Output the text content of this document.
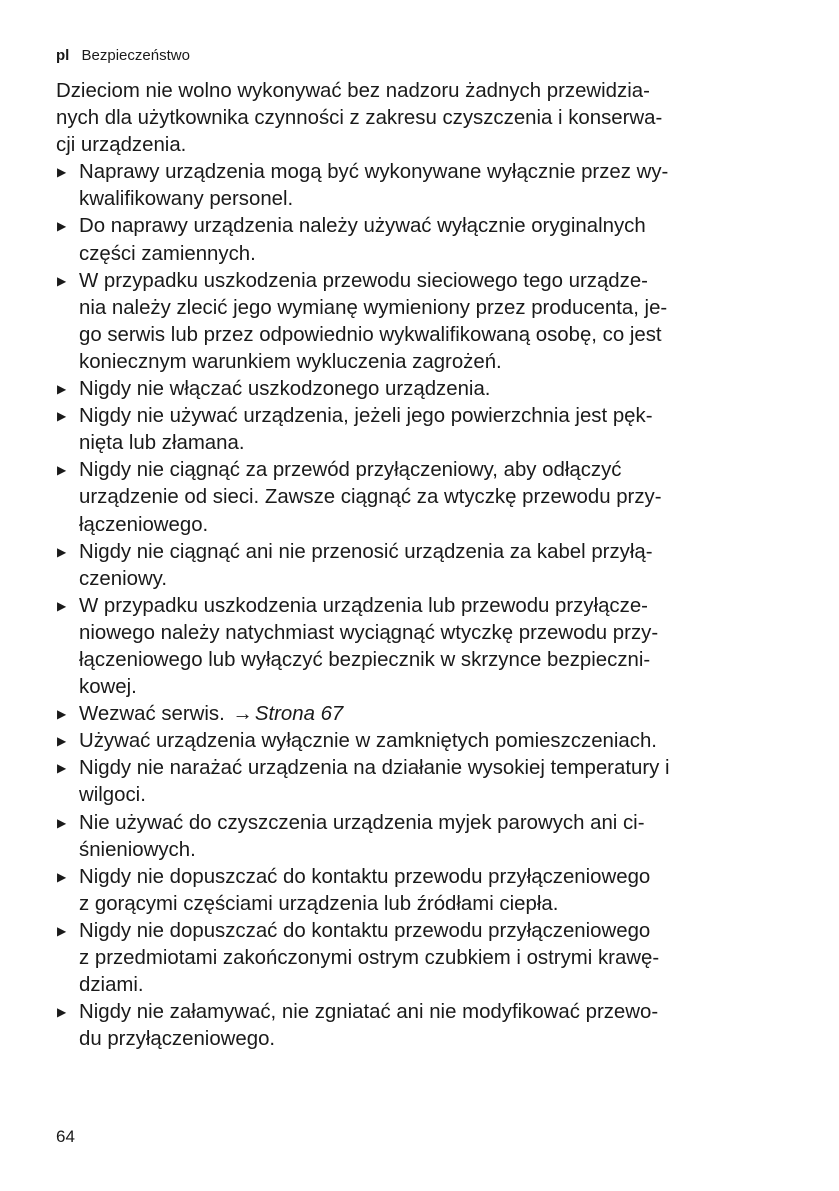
pl Bezpieczeństwo

Dzieciom nie wolno wykonywać bez nadzoru żadnych przewidzia-

nych dla użytkownika czynności z zakresu czyszczenia i konserwa-

cji urządzenia.

▶ Naprawy urządzenia mogą być wykonywane wyłącznie przez wy-
kwalifikowany personel.
▶ Do naprawy urządzenia należy używać wyłącznie oryginalnych
części zamiennych.
▶ W przypadku uszkodzenia przewodu sieciowego tego urządze-
nia należy zlecić jego wymianę wymieniony przez producenta, je-
go serwis lub przez odpowiednio wykwalifikowaną osobę, co jest
koniecznym warunkiem wykluczenia zagrożeń.
▶ Nigdy nie włączać uszkodzonego urządzenia.
▶ Nigdy nie używać urządzenia, jeżeli jego powierzchnia jest pęk-
nięta lub złamana.
▶ Nigdy nie ciągnąć za przewód przyłączeniowy, aby odłączyć
urządzenie od sieci. Zawsze ciągnąć za wtyczkę przewodu przy-
łączeniowego.
▶ Nigdy nie ciągnąć ani nie przenosić urządzenia za kabel przyłą-
czeniowy.
▶ W przypadku uszkodzenia urządzenia lub przewodu przyłącze-
niowego należy natychmiast wyciągnąć wtyczkę przewodu przy-
łączeniowego lub wyłączyć bezpiecznik w skrzynce bezpieczni-
kowej.
▶ Wezwać serwis. →Strona 67
▶ Używać urządzenia wyłącznie w zamkniętych pomieszczeniach.
▶ Nigdy nie narażać urządzenia na działanie wysokiej temperatury i
wilgoci.
▶ Nie używać do czyszczenia urządzenia myjek parowych ani ci-
śnieniowych.
▶ Nigdy nie dopuszczać do kontaktu przewodu przyłączeniowego
z gorącymi częściami urządzenia lub źródłami ciepła.
▶ Nigdy nie dopuszczać do kontaktu przewodu przyłączeniowego
z przedmiotami zakończonymi ostrym czubkiem i ostrymi krawę-
dziami.
▶ Nigdy nie załamywać, nie zgniatać ani nie modyfikować przewo-
du przyłączeniowego.
64
